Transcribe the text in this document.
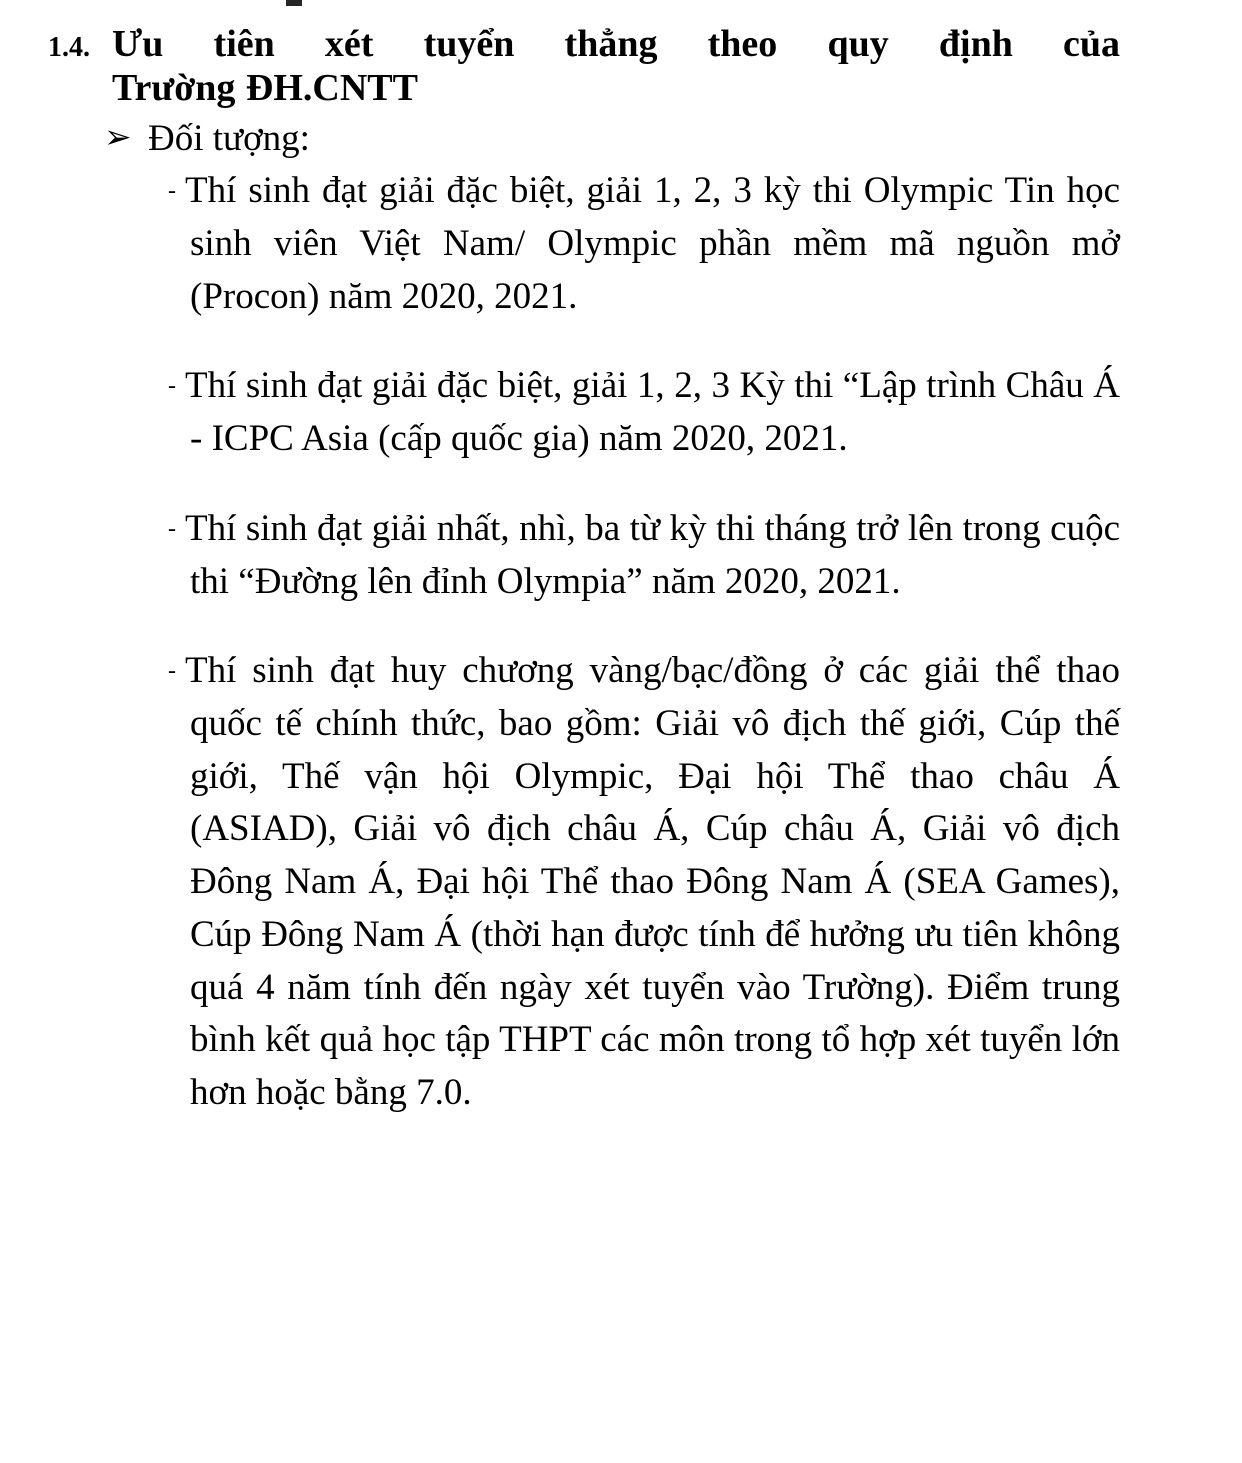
1.4. Ưu tiên xét tuyển thẳng theo quy định của
Trường ĐH.CNTT
➢ Đối tượng:

- Thí sinh đạt giải đặc biệt, giải 1, 2, 3 kỳ thi Olympic Tin học sinh viên Việt Nam/ Olympic phần mềm mã nguồn mở (Procon) năm 2020, 2021.

- Thí sinh đạt giải đặc biệt, giải 1, 2, 3 Kỳ thi “Lập trình Châu Á - ICPC Asia (cấp quốc gia) năm 2020, 2021.

- Thí sinh đạt giải nhất, nhì, ba từ kỳ thi tháng trở lên trong cuộc thi “Đường lên đỉnh Olympia” năm 2020, 2021.

- Thí sinh đạt huy chương vàng/bạc/đồng ở các giải thể thao quốc tế chính thức, bao gồm: Giải vô địch thế giới, Cúp thế giới, Thế vận hội Olympic, Đại hội Thể thao châu Á (ASIAD), Giải vô địch châu Á, Cúp châu Á, Giải vô địch Đông Nam Á, Đại hội Thể thao Đông Nam Á (SEA Games), Cúp Đông Nam Á (thời hạn được tính để hưởng ưu tiên không quá 4 năm tính đến ngày xét tuyển vào Trường). Điểm trung bình kết quả học tập THPT các môn trong tổ hợp xét tuyển lớn hơn hoặc bằng 7.0.
